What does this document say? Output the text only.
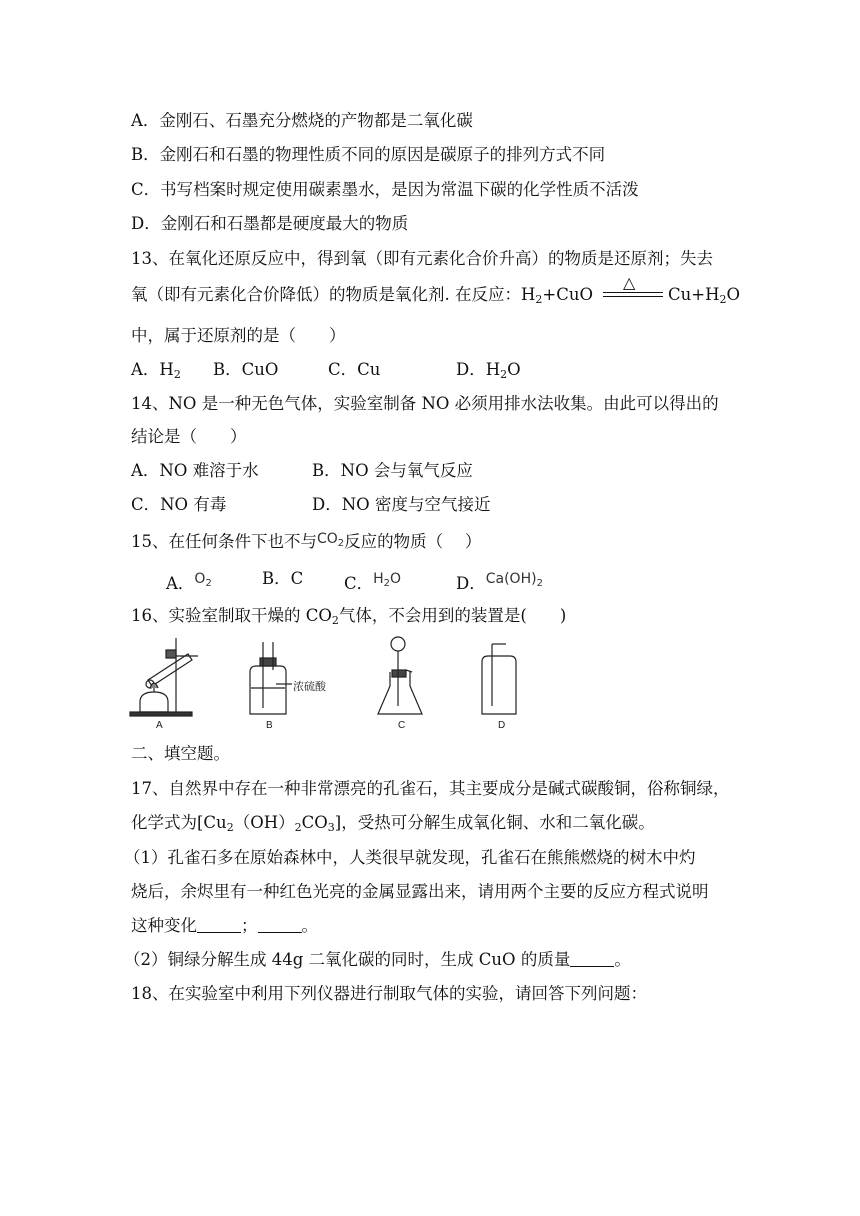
A．金刚石、石墨充分燃烧的产物都是二氧化碳
B．金刚石和石墨的物理性质不同的原因是碳原子的排列方式不同
C．书写档案时规定使用碳素墨水，是因为常温下碳的化学性质不活泼
D．金刚石和石墨都是硬度最大的物质
13、在氧化还原反应中，得到氧（即有元素化合价升高）的物质是还原剂；失去
氧（即有元素化合价降低）的物质是氧化剂. 在反应：$H_2+CuO$
△
$Cu+H_2O$
中，属于还原剂的是（　　）
A．$H_2$ B．CuO	C．Cu	D．$H_2O$
14、NO 是一种无色气体，实验室制备 NO 必须用排水法收集。由此可以得出的
结论是（　　）
A．NO 难溶于水	B．NO 会与氧气反应
C．NO 有毒	D．NO 密度与空气接近
15、在任何条件下也不与$^{CO_2}$反应的物质（　 ）
A．$^{O_2}$	B．C C．$^{H_2O}$	D．$^{Ca(OH)_2}$
16、实验室制取干燥的 $CO_2$气体，不会用到的装置是(　　)
A
浓硫酸
B	C	D
二、填空题。
17、自然界中存在一种非常漂亮的孔雀石，其主要成分是碱式碳酸铜，俗称铜绿，
化学式为$[Cu_2(OH)_2CO_3]$，受热可分解生成氧化铜、水和二氧化碳。
（1）孔雀石多在原始森林中，人类很早就发现，孔雀石在熊熊燃烧的树木中灼
烧后，余烬里有一种红色光亮的金属显露出来，请用两个主要的反应方程式说明
这种变化	；	。
（2）铜绿分解生成 44g 二氧化碳的同时，生成 CuO 的质量	。
18、在实验室中利用下列仪器进行制取气体的实验，请回答下列问题：
